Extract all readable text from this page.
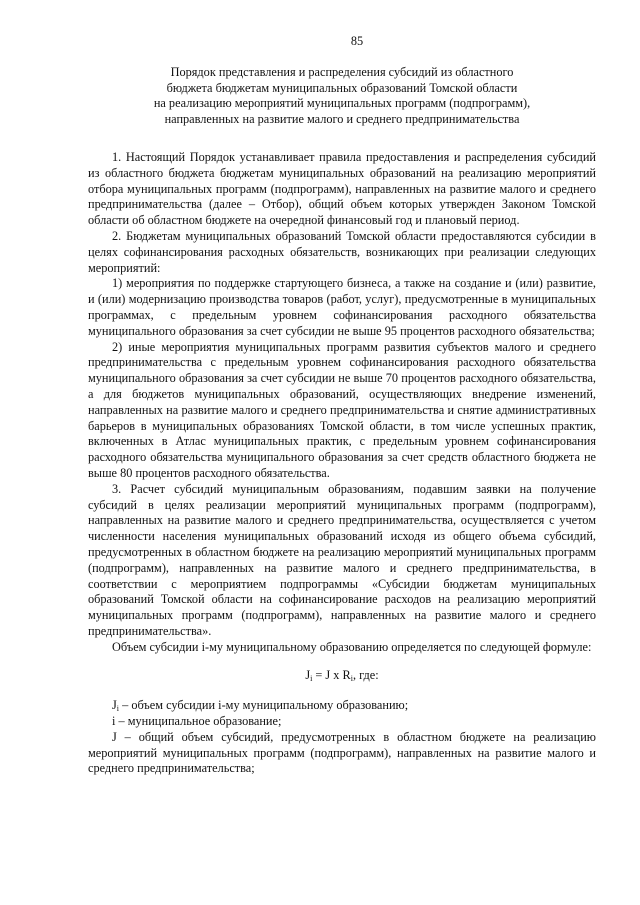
85
Порядок представления и распределения субсидий из областного
бюджета бюджетам муниципальных образований Томской области
на реализацию мероприятий муниципальных программ (подпрограмм),
направленных на развитие малого и среднего предпринимательства

1. Настоящий Порядок устанавливает правила предоставления и распределения субсидий из областного бюджета бюджетам муниципальных образований на реализацию мероприятий отбора муниципальных программ (подпрограмм), направленных на развитие малого и среднего предпринимательства (далее – Отбор), общий объем которых утвержден Законом Томской области об областном бюджете на очередной финансовый год и плановый период.

2. Бюджетам муниципальных образований Томской области предоставляются субсидии в целях софинансирования расходных обязательств, возникающих при реализации следующих мероприятий:

1) мероприятия по поддержке стартующего бизнеса, а также на создание и (или) развитие, и (или) модернизацию производства товаров (работ, услуг), предусмотренные в муниципальных программах, с предельным уровнем софинансирования расходного обязательства муниципального образования за счет субсидии не выше 95 процентов расходного обязательства;

2) иные мероприятия муниципальных программ развития субъектов малого и среднего предпринимательства с предельным уровнем софинансирования расходного обязательства муниципального образования за счет субсидии не выше 70 процентов расходного обязательства, а для бюджетов муниципальных образований, осуществляющих внедрение изменений, направленных на развитие малого и среднего предпринимательства и снятие административных барьеров в муниципальных образованиях Томской области, в том числе успешных практик, включенных в Атлас муниципальных практик, с предельным уровнем софинансирования расходного обязательства муниципального образования за счет средств областного бюджета не выше 80 процентов расходного обязательства.

3. Расчет субсидий муниципальным образованиям, подавшим заявки на получение субсидий в целях реализации мероприятий муниципальных программ (подпрограмм), направленных на развитие малого и среднего предпринимательства, осуществляется с учетом численности населения муниципальных образований исходя из общего объема субсидий, предусмотренных в областном бюджете на реализацию мероприятий муниципальных программ (подпрограмм), направленных на развитие малого и среднего предпринимательства, в соответствии с мероприятием подпрограммы «Субсидии бюджетам муниципальных образований Томской области на софинансирование расходов на реализацию мероприятий муниципальных программ (подпрограмм), направленных на развитие малого и среднего предпринимательства».

Объем субсидии i-му муниципальному образованию определяется по следующей формуле:

$J_i = J$ x $R_i$, где:

$J_i$ – объем субсидии i-му муниципальному образованию;

i – муниципальное образование;

J – общий объем субсидий, предусмотренных в областном бюджете на реализацию мероприятий муниципальных программ (подпрограмм), направленных на развитие малого и среднего предпринимательства;
